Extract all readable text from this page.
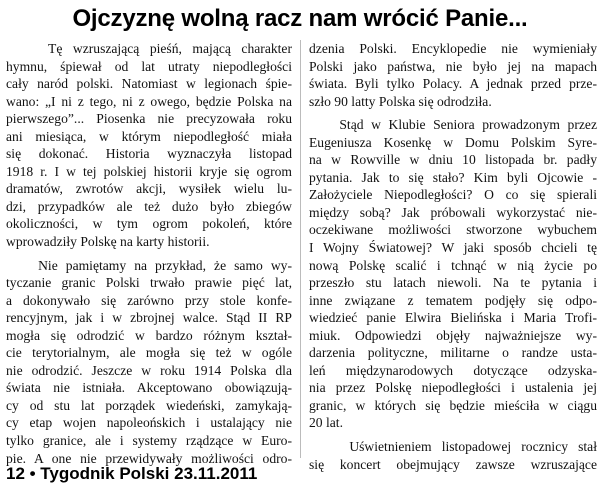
Ojczyznę wolną racz nam wrócić Panie...
Tę wzruszającą pieśń, mającą charakter
hymnu, śpiewał od lat utraty niepodległości
cały naród polski. Natomiast w legionach śpie-
wano: „I ni z tego, ni z owego, będzie Polska na
pierwszego”... Piosenka nie precyzowała roku
ani miesiąca, w którym niepodległość miała
się dokonać. Historia wyznaczyła listopad
1918 r. I w tej polskiej historii kryje się ogrom
dramatów, zwrotów akcji, wysiłek wielu lu-
dzi, przypadków ale też dużo było zbiegów
okoliczności, w tym ogrom pokoleń, które
wprowadziły Polskę na karty historii.
Nie pamiętamy na przykład, że samo wy-
tyczanie granic Polski trwało prawie pięć lat,
a dokonywało się zarówno przy stole konfe-
rencyjnym, jak i w zbrojnej walce. Stąd II RP
mogła się odrodzić w bardzo różnym kształ-
cie terytorialnym, ale mogła się też w ogóle
nie odrodzić. Jeszcze w roku 1914 Polska dla
świata nie istniała. Akceptowano obowiązują-
cy od stu lat porządek wiedeński, zamykają-
cy etap wojen napoleońskich i ustalający nie
tylko granice, ale i systemy rządzące w Euro-
pie. A one nie przewidywały możliwości odro-
dzenia Polski. Encyklopedie nie wymieniały
Polski jako państwa, nie było jej na mapach
świata. Byli tylko Polacy. A jednak przed prze-
szło 90 latty Polska się odrodziła.
Stąd w Klubie Seniora prowadzonym przez
Eugeniusza Kosenkę w Domu Polskim Syre-
na w Rowville w dniu 10 listopada br. padły
pytania. Jak to się stało? Kim byli Ojcowie -
Założyciele Niepodległości? O co się spierali
między sobą? Jak próbowali wykorzystać nie-
oczekiwane możliwości stworzone wybuchem
I Wojny Światowej? W jaki sposób chcieli tę
nową Polskę scalić i tchnąć w nią życie po
przeszło stu latach niewoli. Na te pytania i
inne związane z tematem podjęły się odpo-
wiedzieć panie Elwira Bielińska i Maria Trofi-
miuk. Odpowiedzi objęły najważniejsze wy-
darzenia polityczne, militarne o randze usta-
leń międzynarodowych dotyczące odzyska-
nia przez Polskę niepodległości i ustalenia jej
granic, w których się będzie mieściła w ciągu
20 lat.
Uświetnieniem listopadowej rocznicy stał
się koncert obejmujący zawsze wzruszające
12 • Tygodnik Polski 23.11.2011
